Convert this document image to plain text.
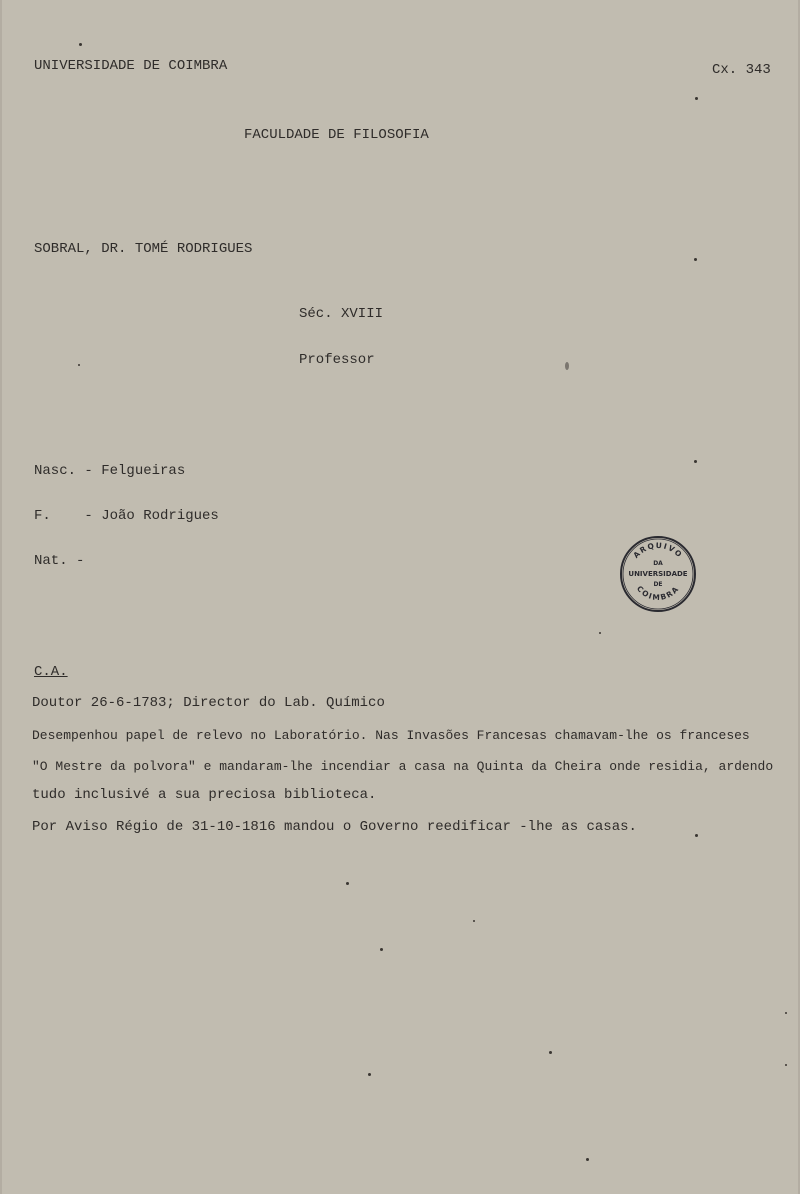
UNIVERSIDADE DE COIMBRA	Cx. 343
FACULDADE DE FILOSOFIA
SOBRAL, DR. TOMÉ RODRIGUES
Séc. XVIII
Professor
Nasc. - Felgueiras
F.    - João Rodrigues
Nat. -
C.A.
Doutor 26-6-1783; Director do Lab. Químico
Desempenhou papel de relevo no Laboratório. Nas Invasões Francesas chamavam-lhe os franceses
"O Mestre da polvora" e mandaram-lhe incendiar a casa na Quinta da Cheira onde residia, ardendo
tudo inclusivé a sua preciosa biblioteca.
Por Aviso Régio de 31-10-1816 mandou o Governo reedificar -lhe as casas.
ARQUIVO
DA
UNIVERSIDADE
DE
COIMBRA
